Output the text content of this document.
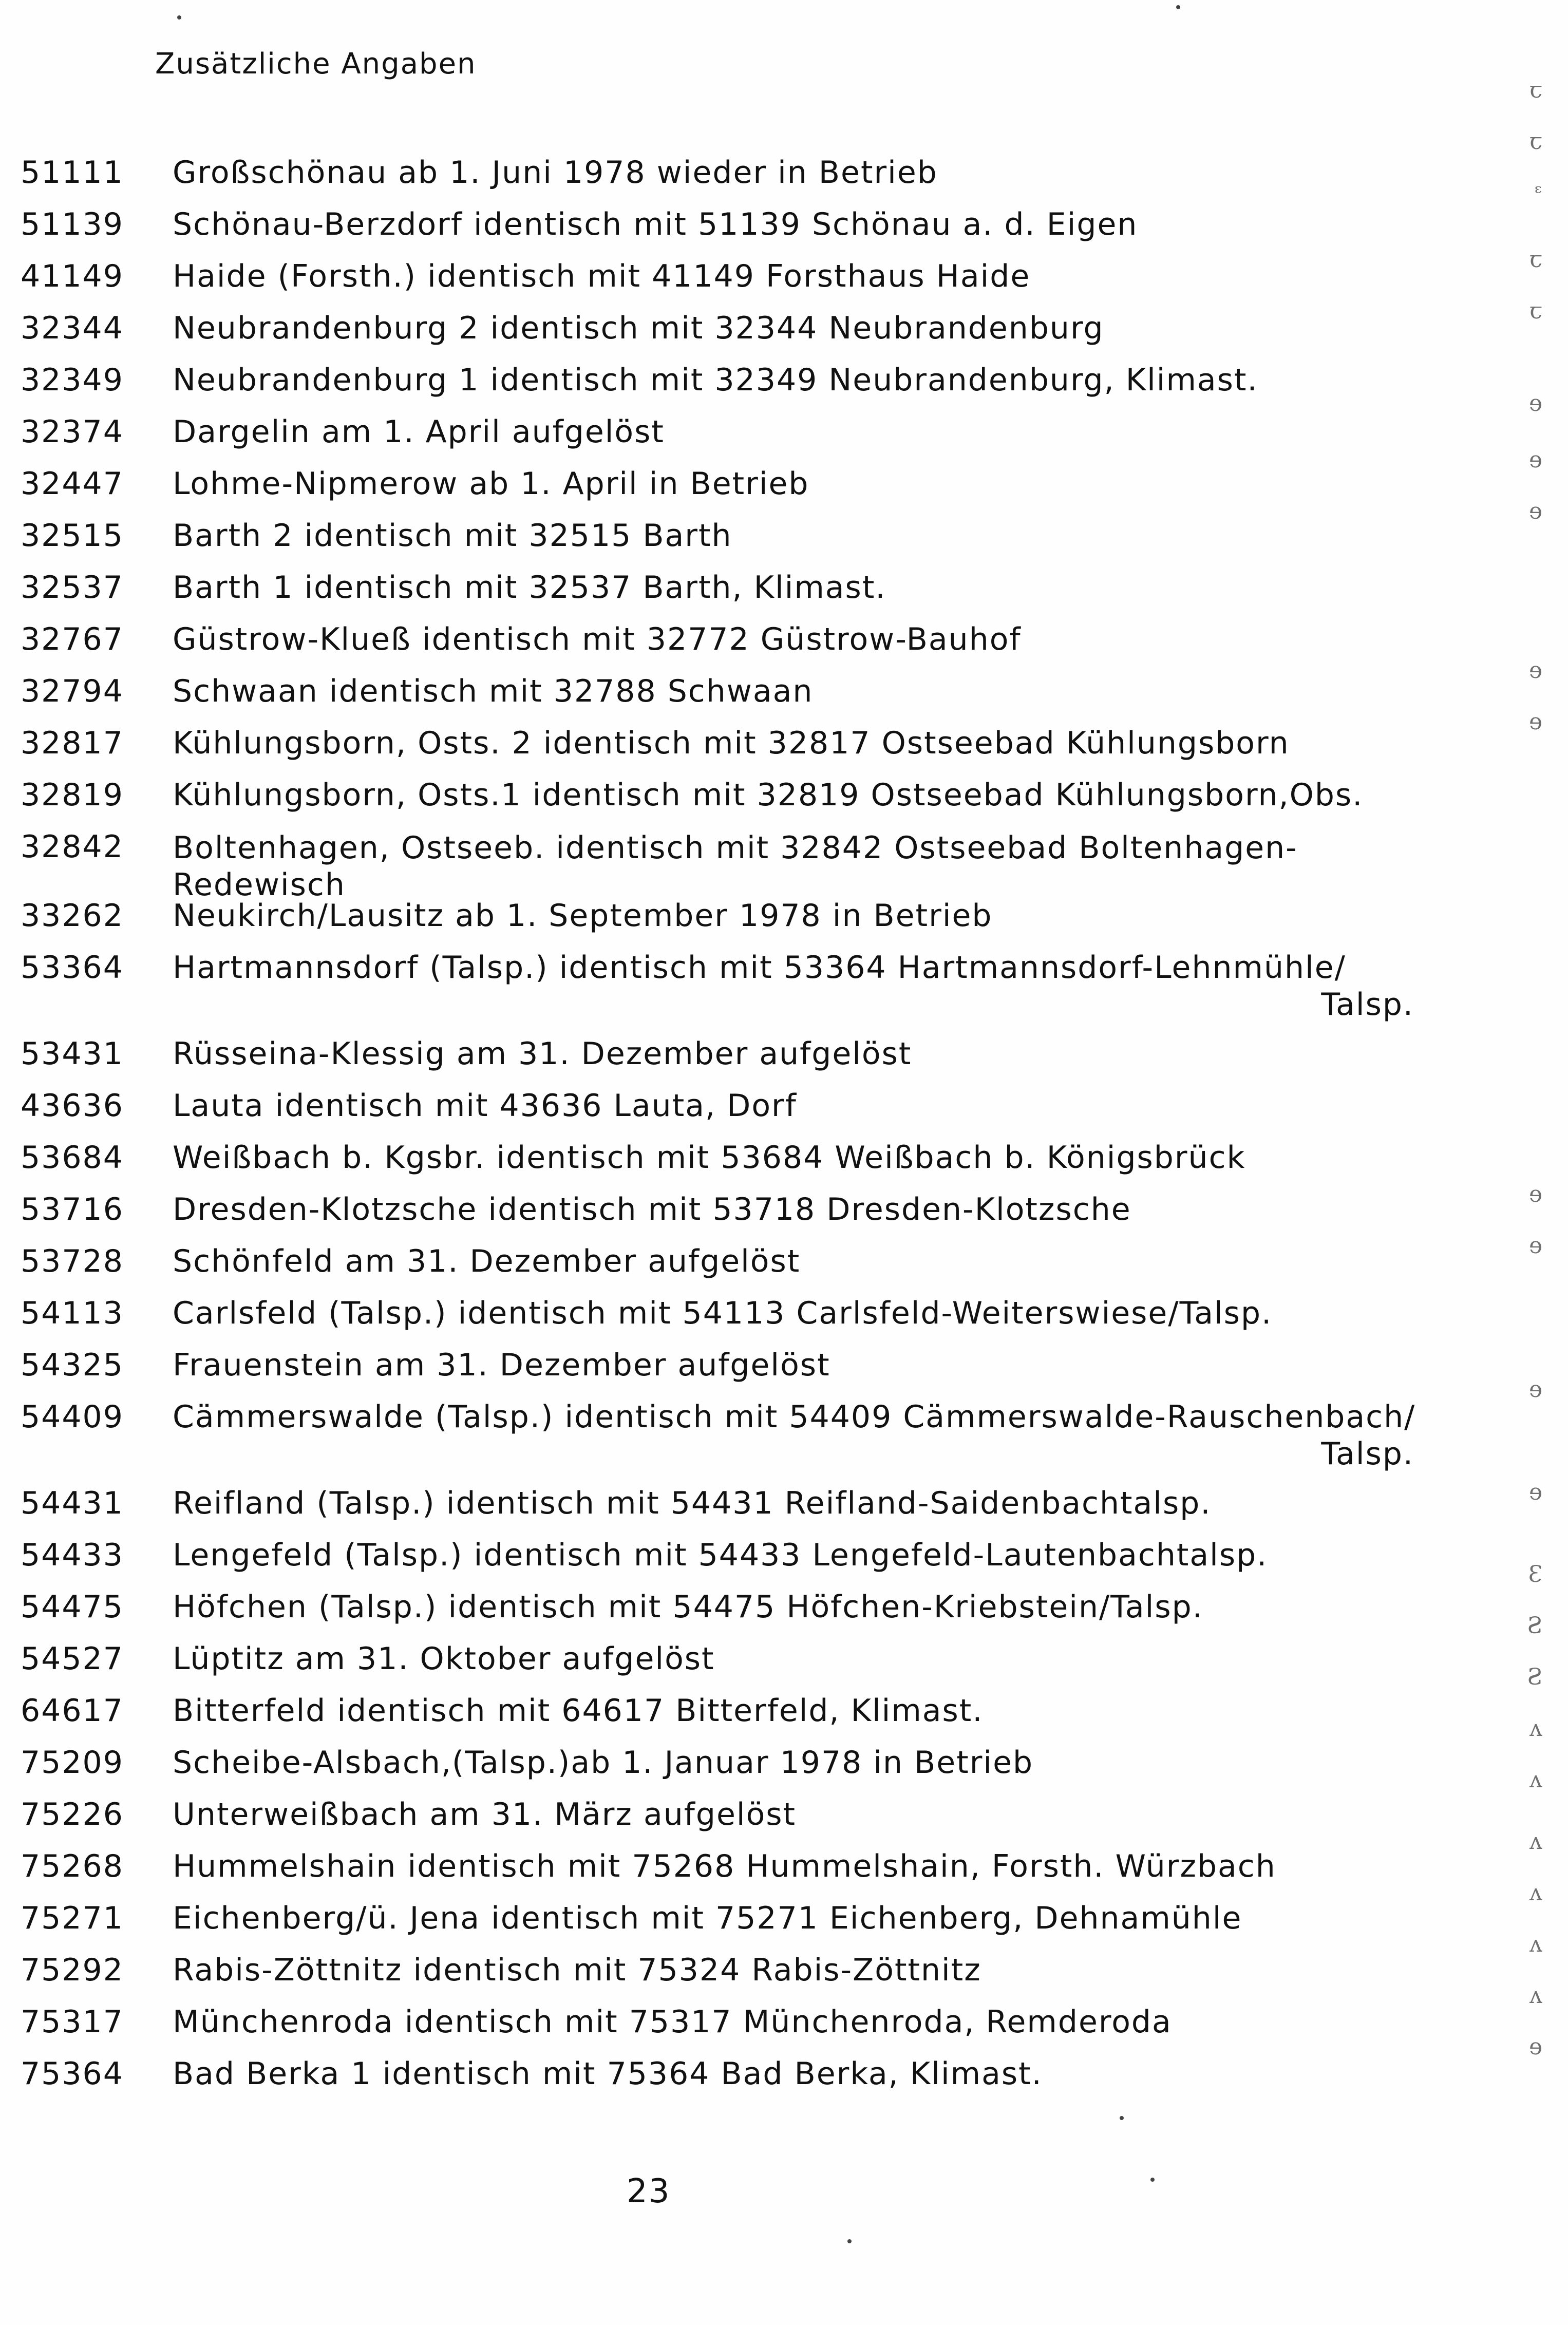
Zusätzliche Angaben
51111	Großschönau ab 1. Juni 1978 wieder in Betrieb
51139	Schönau-Berzdorf identisch mit 51139 Schönau a. d. Eigen
41149	Haide (Forsth.) identisch mit 41149 Forsthaus Haide
32344	Neubrandenburg 2 identisch mit 32344 Neubrandenburg
32349	Neubrandenburg 1 identisch mit 32349 Neubrandenburg, Klimast.
32374	Dargelin am 1. April aufgelöst
32447	Lohme-Nipmerow ab 1. April in Betrieb
32515	Barth 2 identisch mit 32515 Barth
32537	Barth 1 identisch mit 32537 Barth, Klimast.
32767	Güstrow-Klueß identisch mit 32772 Güstrow-Bauhof
32794	Schwaan identisch mit 32788 Schwaan
32817	Kühlungsborn, Osts. 2 identisch mit 32817 Ostseebad Kühlungsborn
32819	Kühlungsborn, Osts.1 identisch mit 32819 Ostseebad Kühlungsborn,Obs.
32842	Boltenhagen, Ostseeb. identisch mit 32842 Ostseebad Boltenhagen-
Redewisch
33262	Neukirch/Lausitz ab 1. September 1978 in Betrieb
53364	Hartmannsdorf (Talsp.) identisch mit 53364 Hartmannsdorf-Lehnmühle/
Talsp.
53431	Rüsseina-Klessig am 31. Dezember aufgelöst
43636	Lauta identisch mit 43636 Lauta, Dorf
53684	Weißbach b. Kgsbr. identisch mit 53684 Weißbach b. Königsbrück
53716	Dresden-Klotzsche identisch mit 53718 Dresden-Klotzsche
53728	Schönfeld am 31. Dezember aufgelöst
54113	Carlsfeld (Talsp.) identisch mit 54113 Carlsfeld-Weiterswiese/Talsp.
54325	Frauenstein am 31. Dezember aufgelöst
54409	Cämmerswalde (Talsp.) identisch mit 54409 Cämmerswalde-Rauschenbach/
Talsp.
54431	Reifland (Talsp.) identisch mit 54431 Reifland-Saidenbachtalsp.
54433	Lengefeld (Talsp.) identisch mit 54433 Lengefeld-Lautenbachtalsp.
54475	Höfchen (Talsp.) identisch mit 54475 Höfchen-Kriebstein/Talsp.
54527	Lüptitz am 31. Oktober aufgelöst
64617	Bitterfeld identisch mit 64617 Bitterfeld, Klimast.
75209	Scheibe-Alsbach,(Talsp.)ab 1. Januar 1978 in Betrieb
75226	Unterweißbach am 31. März aufgelöst
75268	Hummelshain identisch mit 75268 Hummelshain, Forsth. Würzbach
75271	Eichenberg/ü. Jena identisch mit 75271 Eichenberg, Dehnamühle
75292	Rabis-Zöttnitz identisch mit 75324 Rabis-Zöttnitz
75317	Münchenroda identisch mit 75317 Münchenroda, Remderoda
75364	Bad Berka 1 identisch mit 75364 Bad Berka, Klimast.
23
ꞇ
ꞇ
ᵋ
ꞇ
ꞇ
ɘ
ɘ
ɘ
ɘ
ɘ
ɘ
ɘ
ɘ
ɘ
Ɛ
Ƨ
Ƨ
ᴧ
ᴧ
ᴧ
ᴧ
ᴧ
ᴧ
ɘ
